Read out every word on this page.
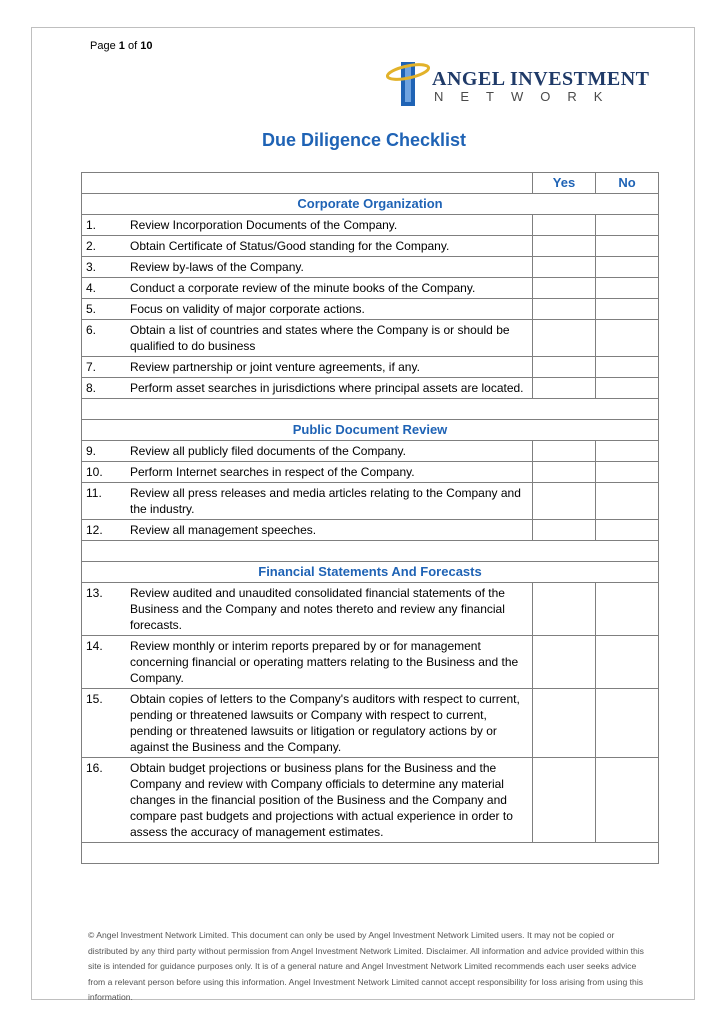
Page 1 of 10
ANGEL INVESTMENT
NETWORK
Due Diligence Checklist
		Yes	No
Corporate Organization			
1.	Review Incorporation Documents of the Company.		
2.	Obtain Certificate of Status/Good standing for the Company.		
3.	Review by-laws of the Company.		
4.	Conduct a corporate review of the minute books of the Company.		
5.	Focus on validity of major corporate actions.		
6.	Obtain a list of countries and states where the Company is or should be qualified to do business		
7.	Review partnership or joint venture agreements, if any.		
8.	Perform asset searches in jurisdictions where principal assets are located.		

Public Document Review			
9.	Review all publicly filed documents of the Company.		
10.	Perform Internet searches in respect of the Company.		
11.	Review all press releases and media articles relating to the Company and the industry.		
12.	Review all management speeches.		

Financial Statements And Forecasts			
13.	Review audited and unaudited consolidated financial statements of the Business and the Company and notes thereto and review any financial forecasts.		
14.	Review monthly or interim reports prepared by or for management concerning financial or operating matters relating to the Business and the Company.		
15.	Obtain copies of letters to the Company's auditors with respect to current, pending or threatened lawsuits or Company with respect to current, pending or threatened lawsuits or litigation or regulatory actions by or against the Business and the Company.		
16.	Obtain budget projections or business plans for the Business and the Company and review with Company officials to determine any material changes in the financial position of the Business and the Company and compare past budgets and projections with actual experience in order to assess the accuracy of management estimates.		

© Angel Investment Network Limited. This document can only be used by Angel Investment Network Limited users. It may not be copied or distributed by any third party without permission from Angel Investment Network Limited. Disclaimer. All information and advice provided within this site is intended for guidance purposes only. It is of a general nature and Angel Investment Network Limited recommends each user seeks advice from a relevant person before using this information. Angel Investment Network Limited cannot accept responsibility for loss arising from using this information.
